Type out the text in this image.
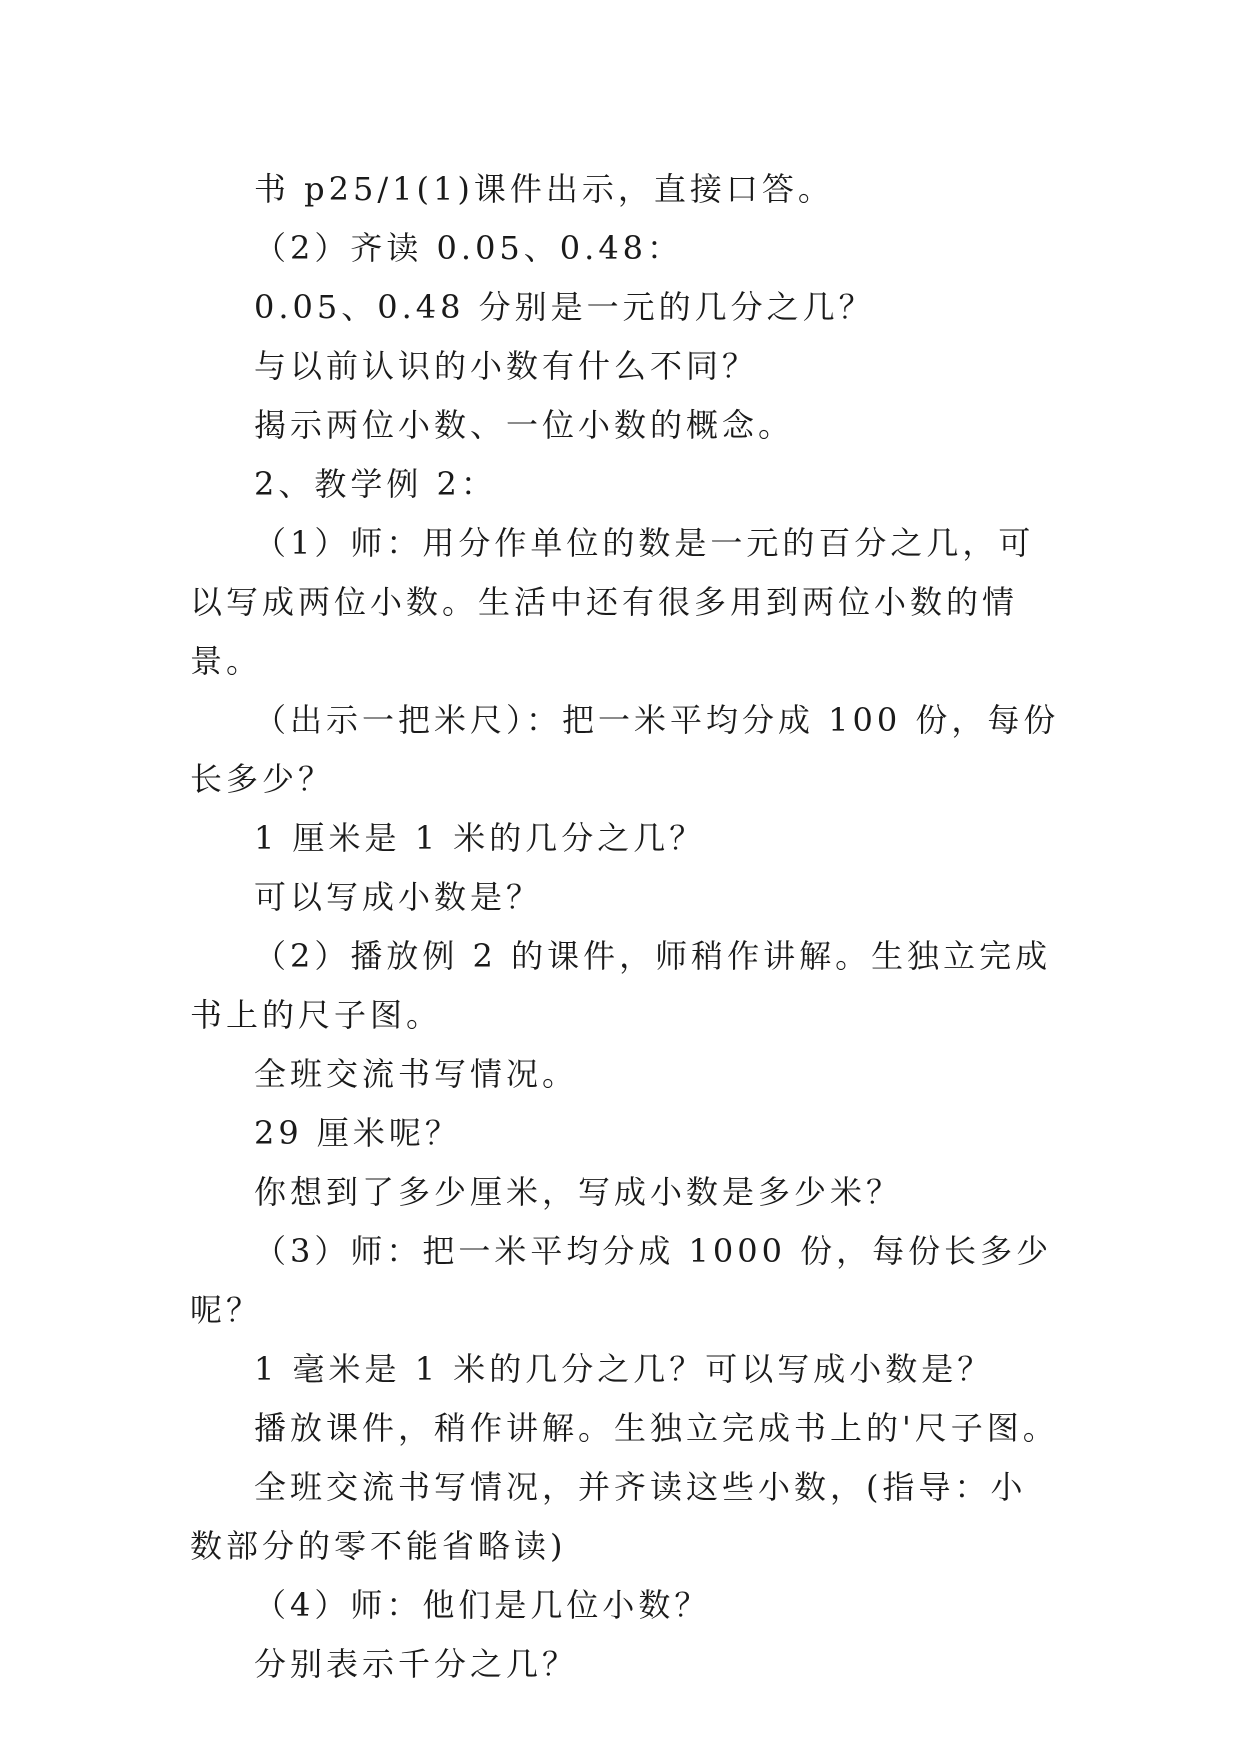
书 p25/1(1)课件出示，直接口答。

（2）齐读 0.05、0.48：

0.05、0.48 分别是一元的几分之几？

与以前认识的小数有什么不同？

揭示两位小数、一位小数的概念。

2、教学例 2：

（1）师：用分作单位的数是一元的百分之几，可以写成两位小数。生活中还有很多用到两位小数的情景。

（出示一把米尺）：把一米平均分成 100 份，每份长多少？

1 厘米是 1 米的几分之几？

可以写成小数是？

（2）播放例 2 的课件，师稍作讲解。生独立完成书上的尺子图。

全班交流书写情况。

29 厘米呢？

你想到了多少厘米，写成小数是多少米？

（3）师：把一米平均分成 1000 份，每份长多少呢？

1 毫米是 1 米的几分之几？可以写成小数是？

播放课件，稍作讲解。生独立完成书上的'尺子图。

全班交流书写情况，并齐读这些小数，(指导：小数部分的零不能省略读)

（4）师：他们是几位小数？

分别表示千分之几？
